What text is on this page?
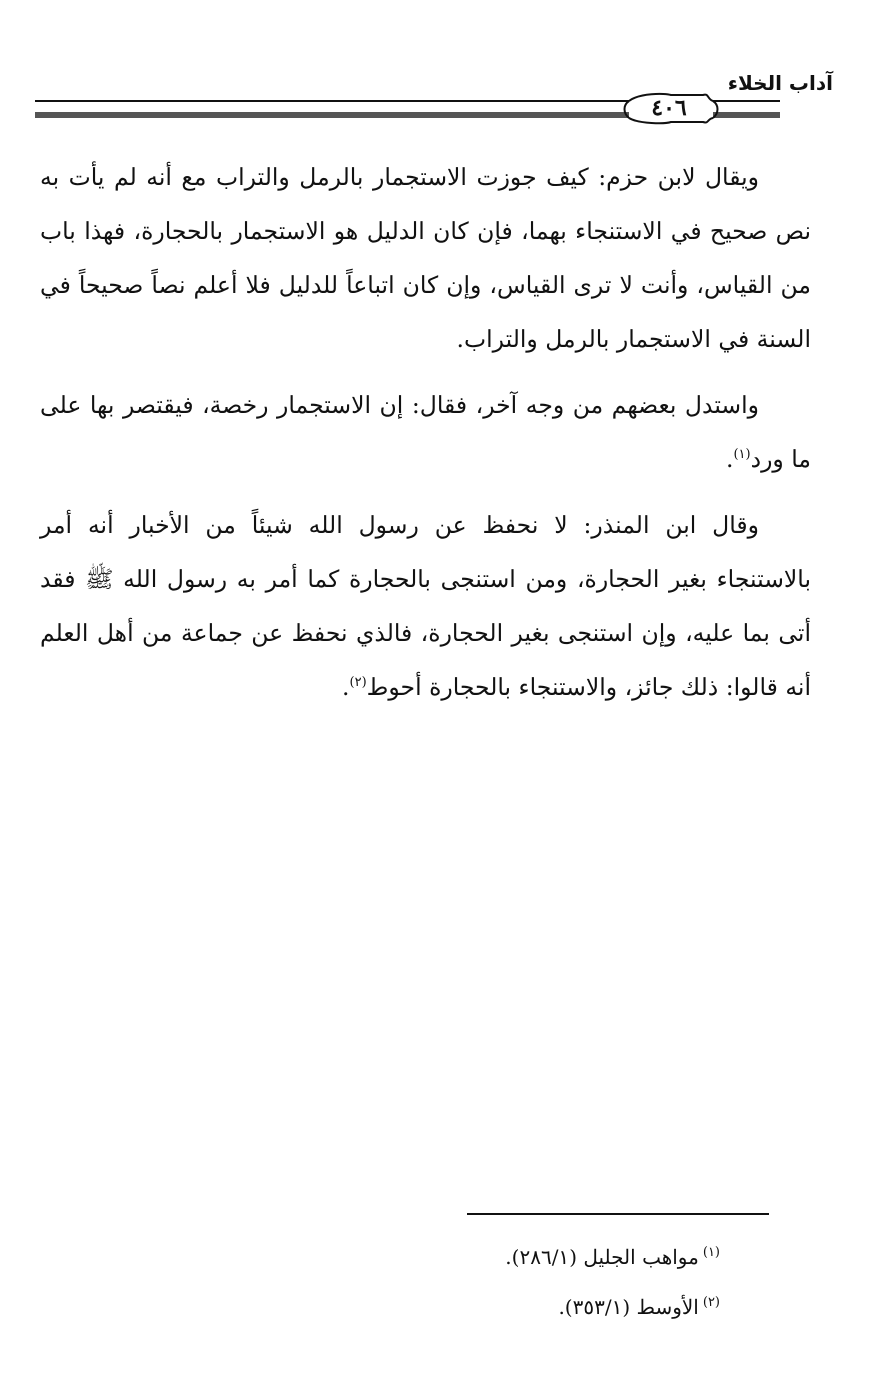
آداب الخلاء
٤٠٦

ويقال لابن حزم: كيف جوزت الاستجمار بالرمل والتراب مع أنه لم يأت به نص صحيح في الاستنجاء بهما، فإن كان الدليل هو الاستجمار بالحجارة، فهذا باب من القياس، وأنت لا ترى القياس، وإن كان اتباعاً للدليل فلا أعلم نصاً صحيحاً في السنة في الاستجمار بالرمل والتراب.

واستدل بعضهم من وجه آخر، فقال: إن الاستجمار رخصة، فيقتصر بها على ما ورد$^{(١)}$.

وقال ابن المنذر: لا نحفظ عن رسول الله شيئاً من الأخبار أنه أمر بالاستنجاء بغير الحجارة، ومن استنجى بالحجارة كما أمر به رسول الله ﷺ فقد أتى بما عليه، وإن استنجى بغير الحجارة، فالذي نحفظ عن جماعة من أهل العلم أنه قالوا: ذلك جائز، والاستنجاء بالحجارة أحوط$^{(٢)}$.

$^{(١)}$مواهب الجليل (٢٨٦/١).

$^{(٢)}$الأوسط (٣٥٣/١).
